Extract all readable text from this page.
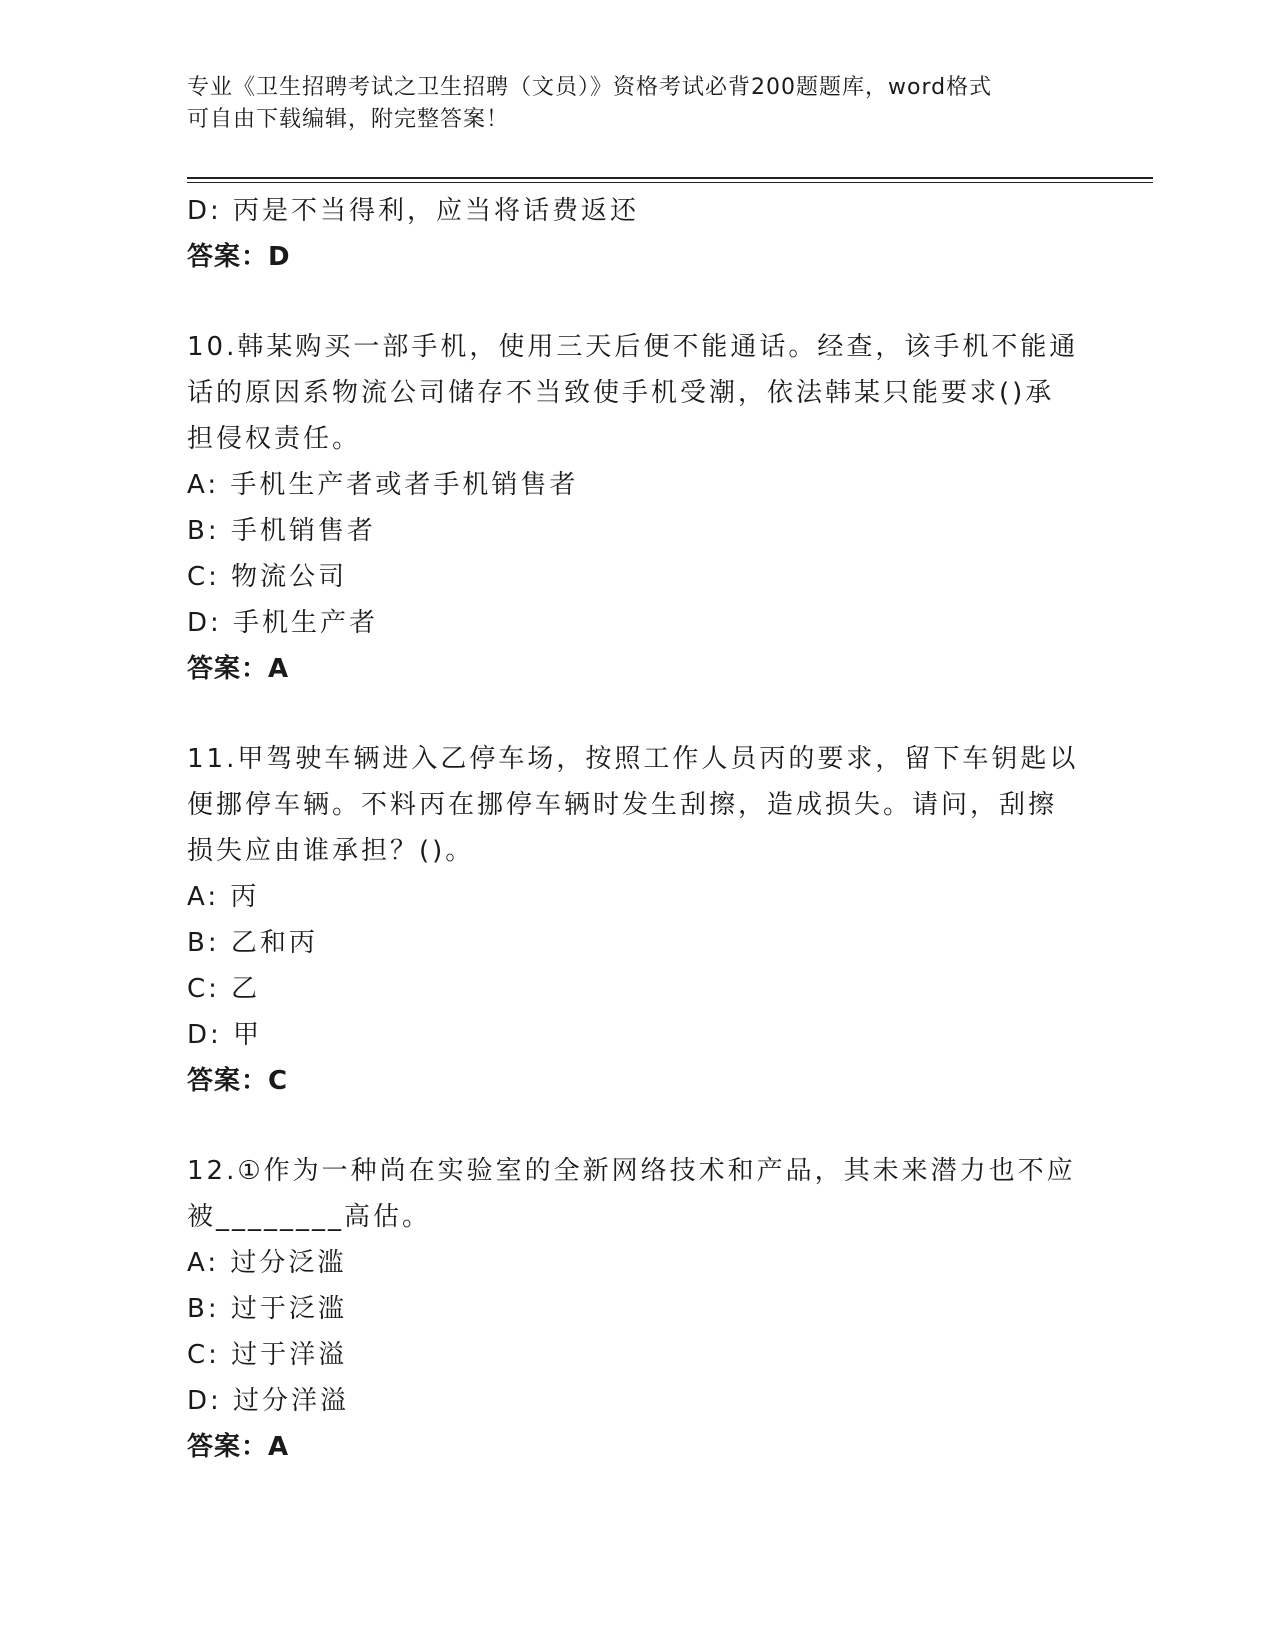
专业《卫生招聘考试之卫生招聘（文员）》资格考试必背200题题库，word格式
可自由下载编辑，附完整答案！
D: 丙是不当得利，应当将话费返还
答案：D
10.韩某购买一部手机，使用三天后便不能通话。经查，该手机不能通
话的原因系物流公司储存不当致使手机受潮，依法韩某只能要求()承
担侵权责任。
A: 手机生产者或者手机销售者
B: 手机销售者
C: 物流公司
D: 手机生产者
答案：A
11.甲驾驶车辆进入乙停车场，按照工作人员丙的要求，留下车钥匙以
便挪停车辆。不料丙在挪停车辆时发生刮擦，造成损失。请问，刮擦
损失应由谁承担？()。
A: 丙
B: 乙和丙
C: 乙
D: 甲
答案：C
12.①作为一种尚在实验室的全新网络技术和产品，其未来潜力也不应
被________高估。
A: 过分泛滥
B: 过于泛滥
C: 过于洋溢
D: 过分洋溢
答案：A
